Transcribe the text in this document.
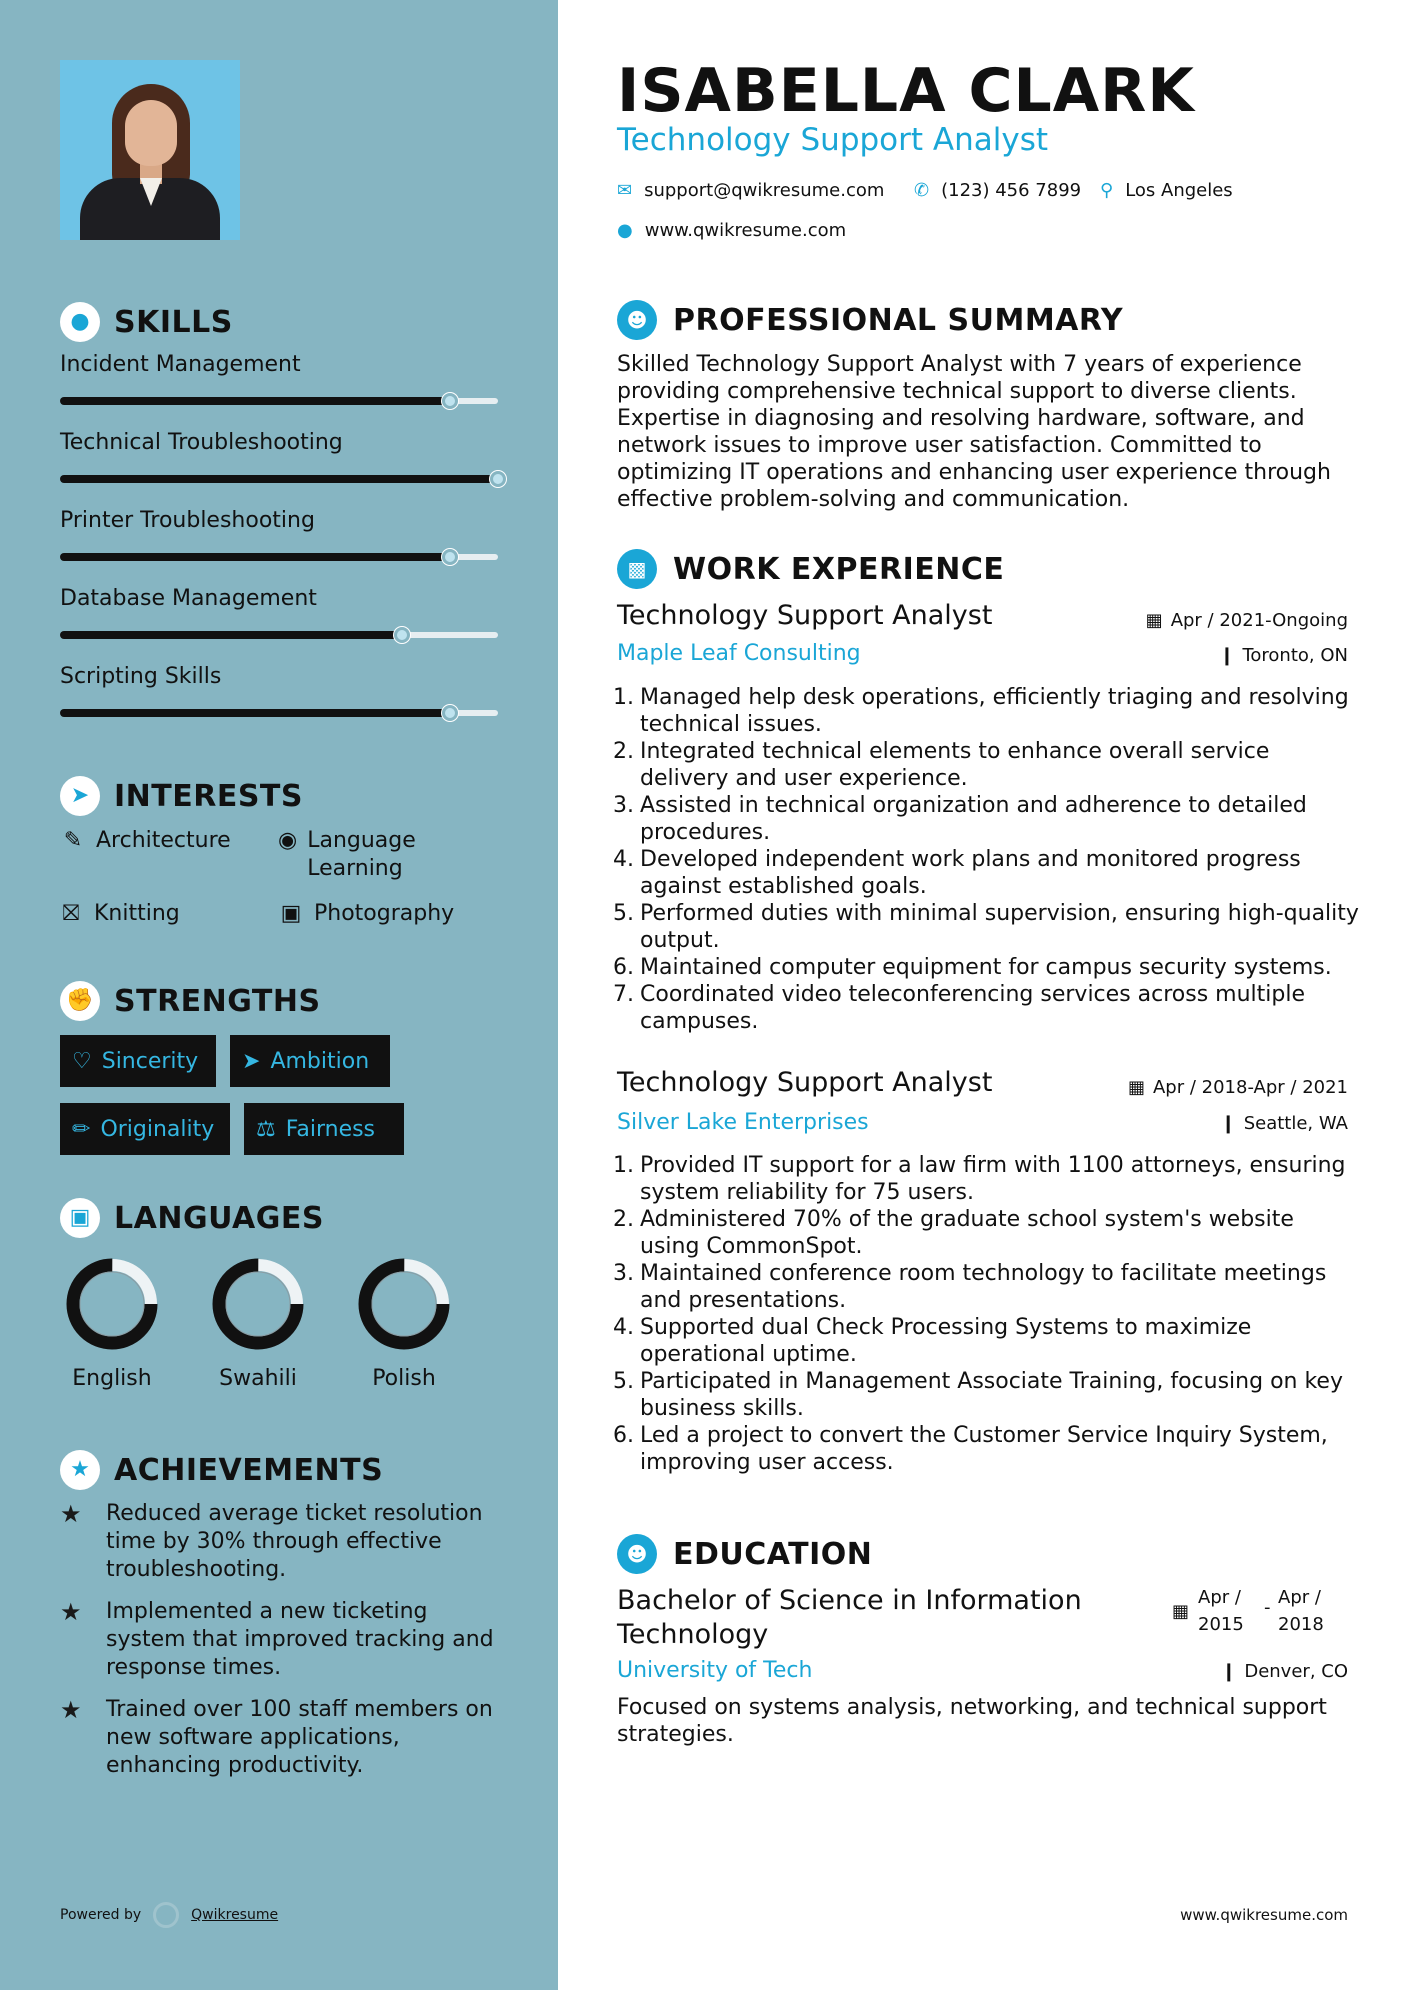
● SKILLS
Incident Management
Technical Troubleshooting
Printer Troubleshooting
Database Management
Scripting Skills
➤ INTERESTS
✎ Architecture ◉ Language Learning
⛝ Knitting	▣ Photography
✊ STRENGTHS
♡ Sincerity ➤ Ambition
✏ Originality ⚖ Fairness
▣ LANGUAGES
English	Swahili	Polish
★ ACHIEVEMENTS
★	Reduced average ticket resolution time by 30% through effective troubleshooting.
★	Implemented a new ticketing system that improved tracking and response times.
★	Trained over 100 staff members on new software applications, enhancing productivity.
Powered by	Qwikresume
ISABELLA CLARK
Technology Support Analyst
✉ support@qwikresume.com ✆ (123) 456 7899 ⚲ Los Angeles
● www.qwikresume.com
☻ PROFESSIONAL SUMMARY
Skilled Technology Support Analyst with 7 years of experience providing comprehensive technical support to diverse clients. Expertise in diagnosing and resolving hardware, software, and network issues to improve user satisfaction. Committed to optimizing IT operations and enhancing user experience through effective problem-solving and communication.
▩ WORK EXPERIENCE
Technology Support Analyst	▦ Apr / 2021-Ongoing
Maple Leaf Consulting	❙ Toronto, ON
1. Managed help desk operations, efficiently triaging and resolving technical issues.
2. Integrated technical elements to enhance overall service delivery and user experience.
3. Assisted in technical organization and adherence to detailed procedures.
4. Developed independent work plans and monitored progress against established goals.
5. Performed duties with minimal supervision, ensuring high-quality output.
6. Maintained computer equipment for campus security systems.
7. Coordinated video teleconferencing services across multiple campuses.
Technology Support Analyst	▦ Apr / 2018-Apr / 2021
Silver Lake Enterprises	❙ Seattle, WA
1. Provided IT support for a law firm with 1100 attorneys, ensuring system reliability for 75 users.
2. Administered 70% of the graduate school system's website using CommonSpot.
3. Maintained conference room technology to facilitate meetings and presentations.
4. Supported dual Check Processing Systems to maximize operational uptime.
5. Participated in Management Associate Training, focusing on key business skills.
6. Led a project to convert the Customer Service Inquiry System, improving user access.
☻ EDUCATION
Bachelor of Science in Information Technology
▦
Apr / 2015
- Apr / 2018
University of Tech	❙ Denver, CO
Focused on systems analysis, networking, and technical support strategies.
www.qwikresume.com
